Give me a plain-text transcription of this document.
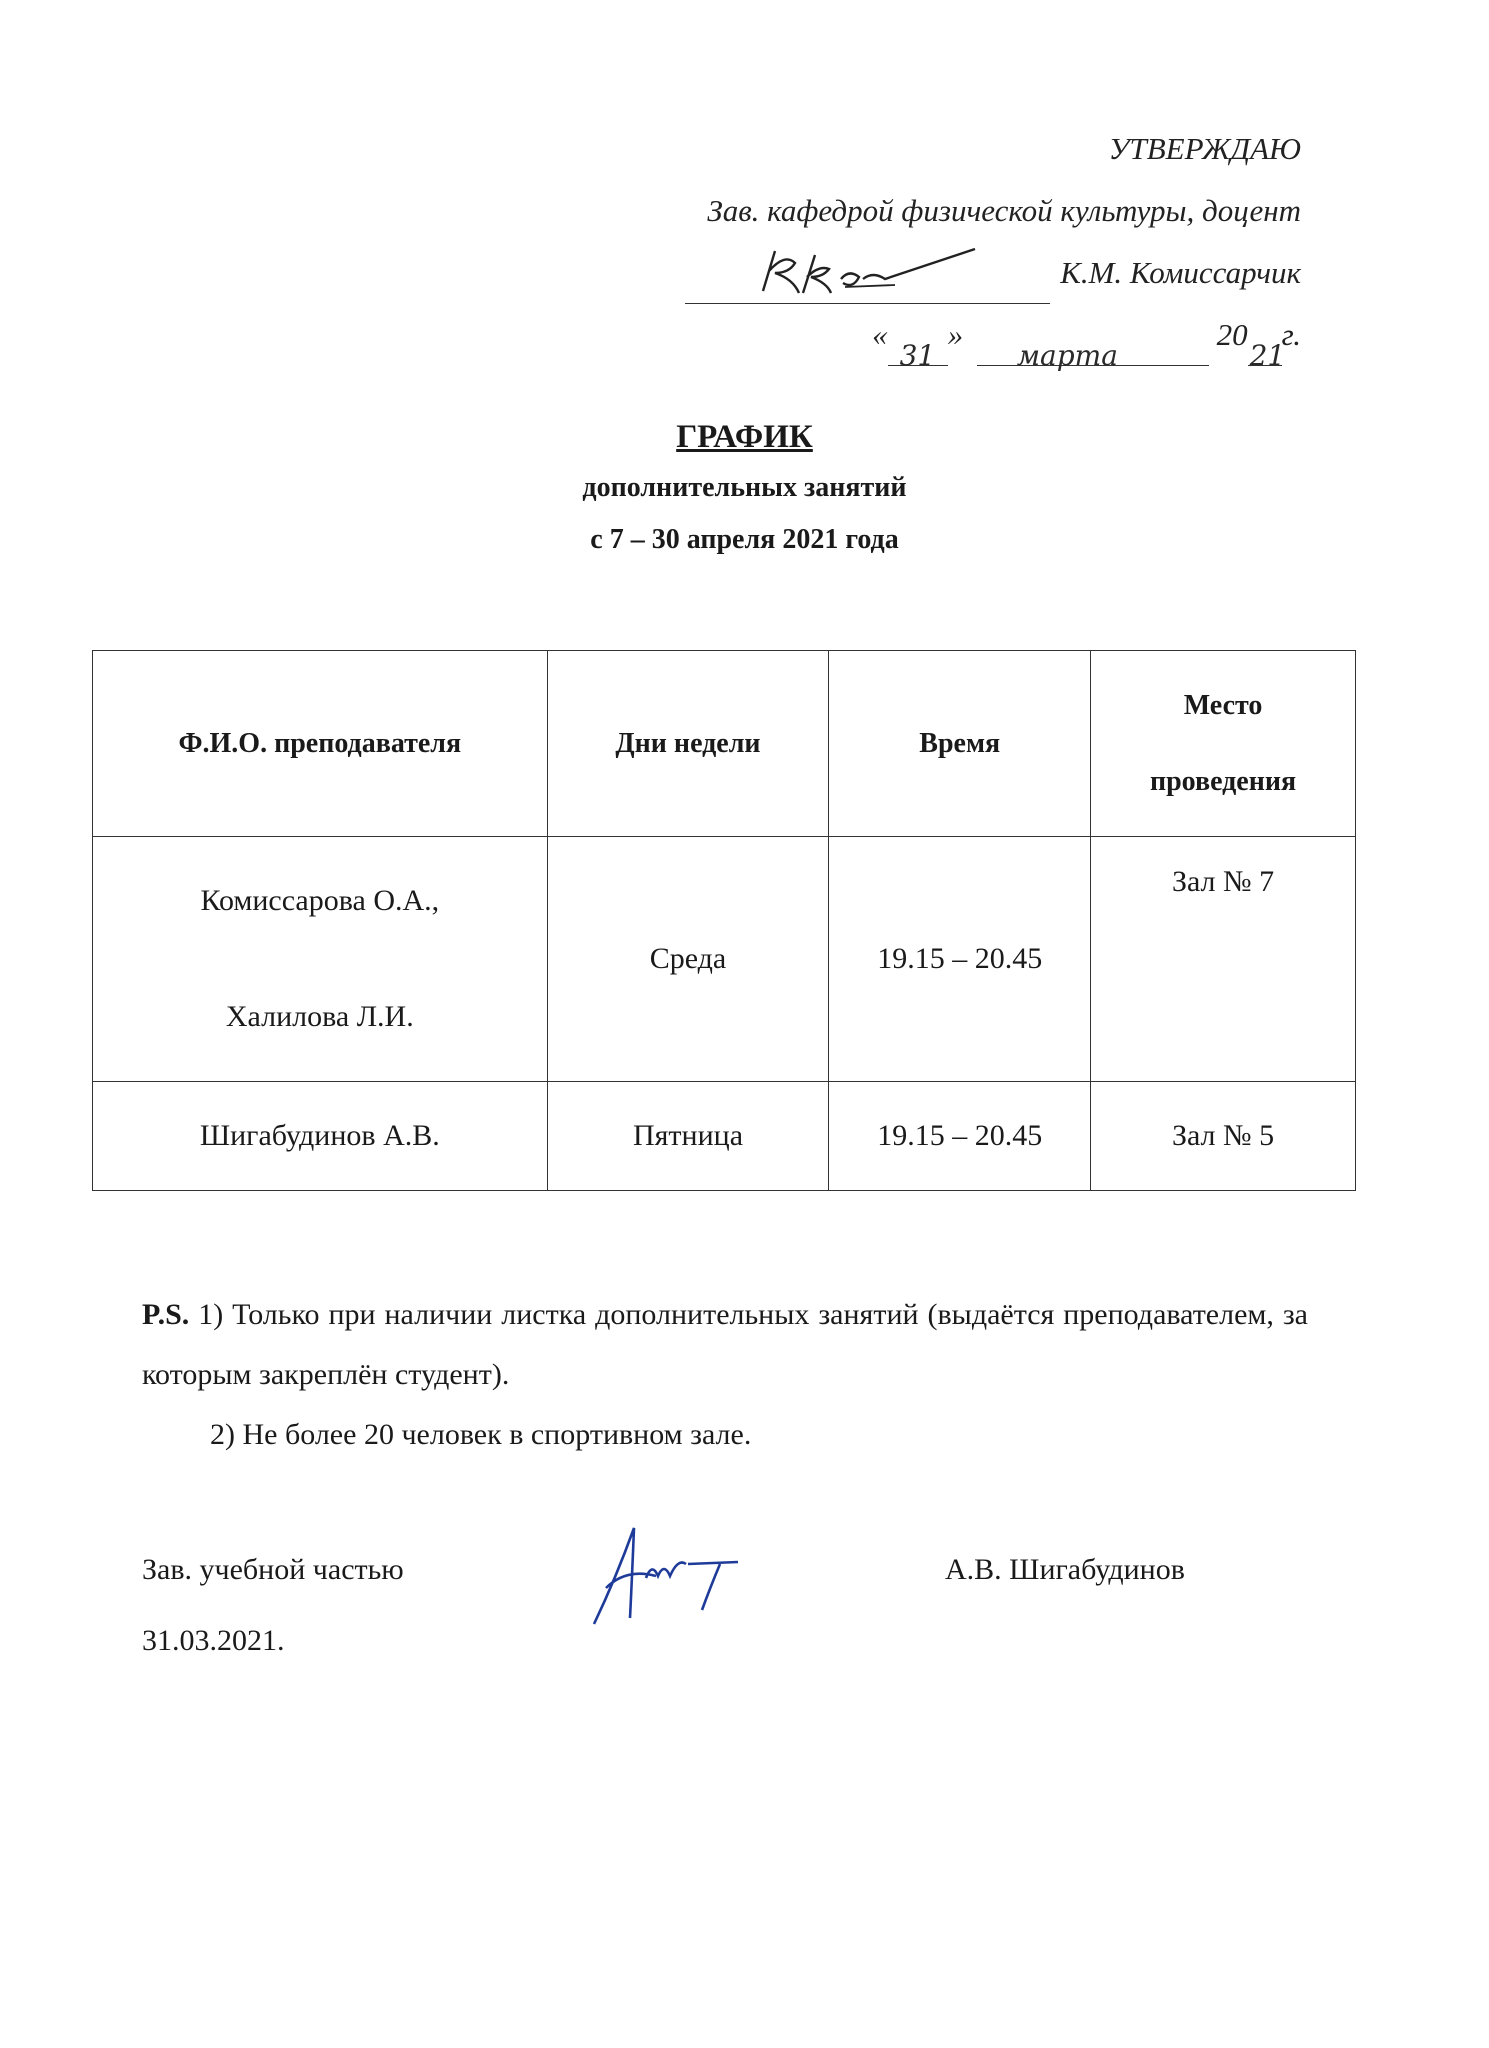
УТВЕРЖДАЮ
Зав. кафедрой физической культуры, доцент
К.М. Комиссарчик
«
31
»
марта
20
21
г.
ГРАФИК
дополнительных занятий
с 7 – 30 апреля 2021 года
Ф.И.О. преподавателя	Дни недели	Время	Место
проведения

Комиссарова О.А.,
Халилова Л.И.	Среда	19.15 – 20.45	Зал № 7
Шигабудинов А.В.	Пятница	19.15 – 20.45	Зал № 5

P.S. 1) Только при наличии листка дополнительных занятий (выдаётся преподавателем, за которым закреплён студент).

2) Не более 20 человек в спортивном зале.

Зав. учебной частью
31.03.2021.
А.В. Шигабудинов
